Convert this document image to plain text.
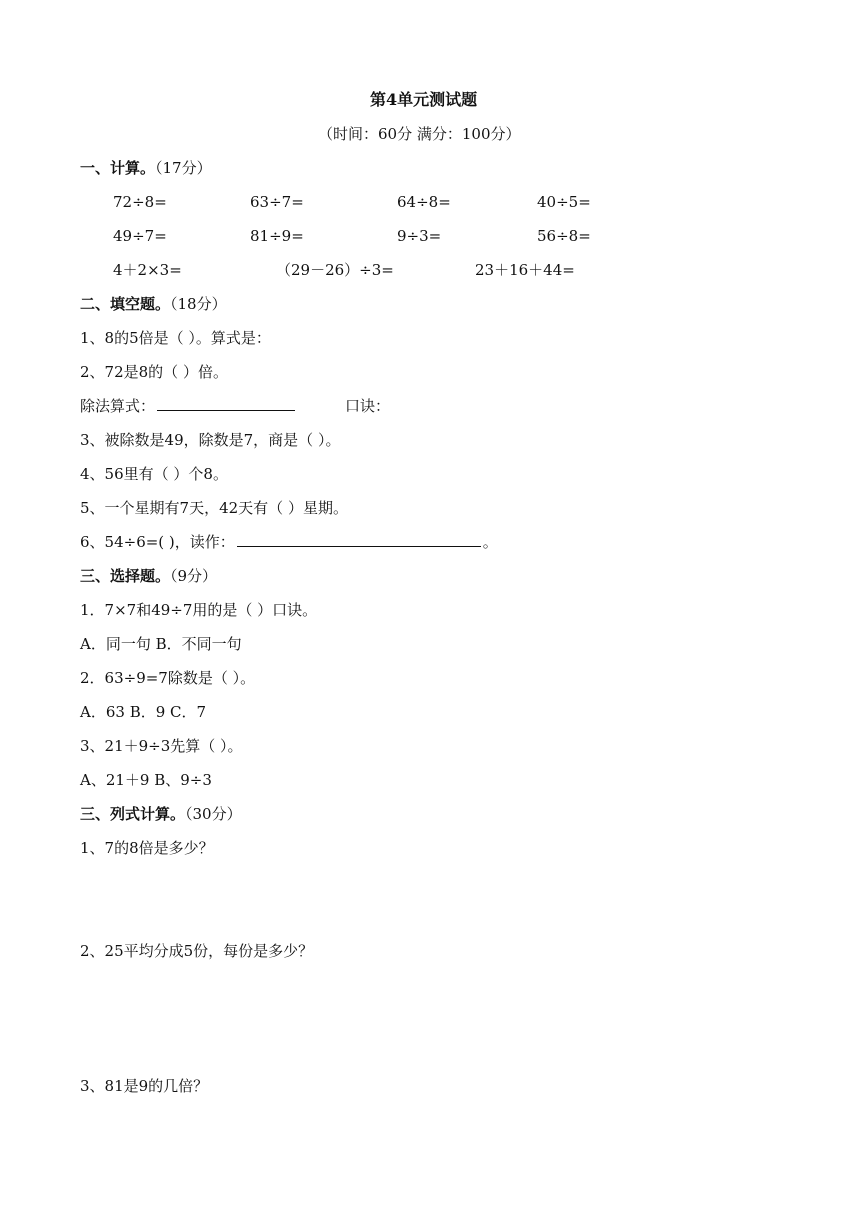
第4单元测试题
（时间：60分 满分：100分）
一、计算。（17分）
72÷8=	63÷7=	64÷8=	40÷5=
49÷7=	81÷9=	9÷3=	56÷8=
4＋2×3=	（29－26）÷3=	23＋16＋44=
二、填空题。（18分）
1、8的5倍是（ ）。算式是：
2、72是8的（ ）倍。
除法算式：	口诀：
3、被除数是49，除数是7，商是（ ）。
4、56里有（ ）个8。
5、一个星期有7天，42天有（ ）星期。
6、54÷6=( )，读作：	。
三、选择题。（9分）
1．7×7和49÷7用的是（ ）口诀。
A．同一句 B．不同一句
2．63÷9=7除数是（ ）。
A．63 B．9 C．7
3、21＋9÷3先算（ ）。
A、21＋9 B、9÷3
三、列式计算。（30分）
1、7的8倍是多少？
2、25平均分成5份，每份是多少？
3、81是9的几倍？
